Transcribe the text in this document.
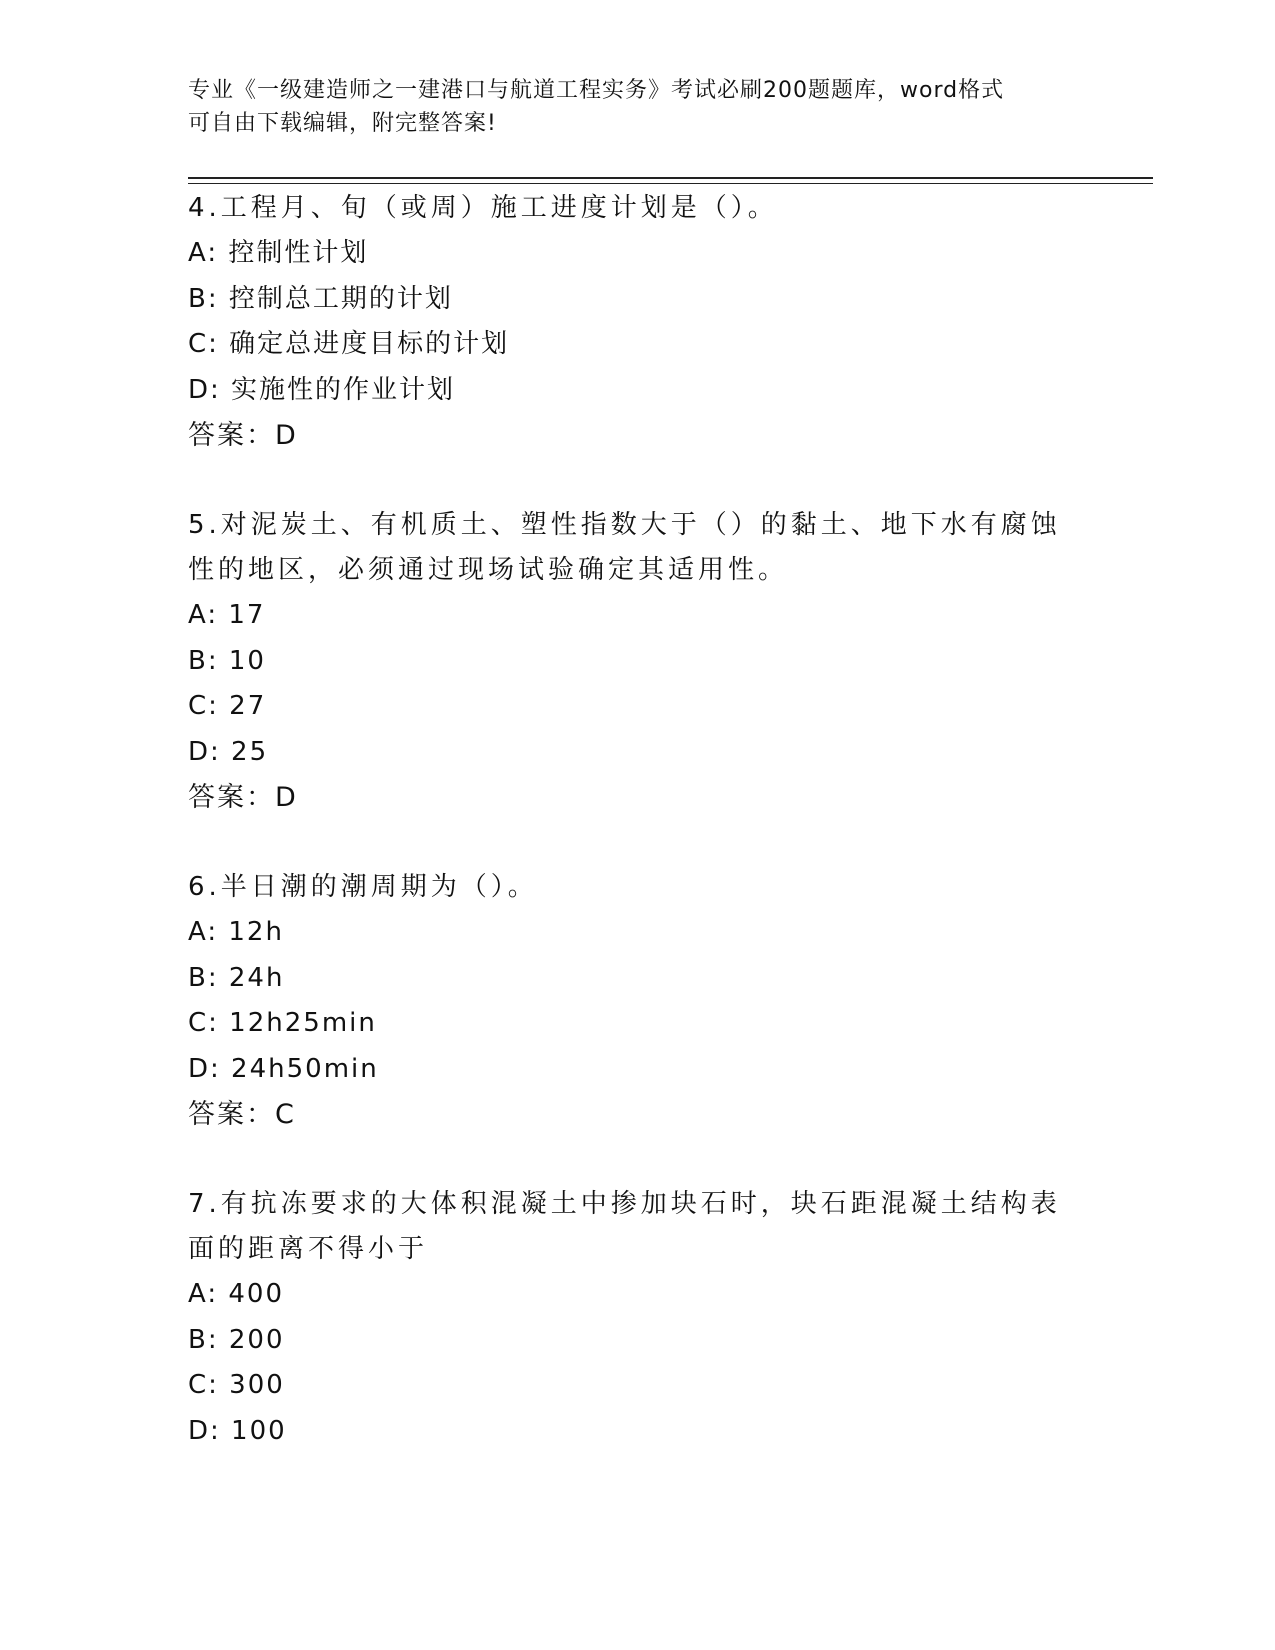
专业《一级建造师之一建港口与航道工程实务》考试必刷200题题库，word格式
可自由下载编辑，附完整答案!

4.工程月、旬（或周）施工进度计划是（）。

A: 控制性计划

B: 控制总工期的计划

C: 确定总进度目标的计划

D: 实施性的作业计划

答案：D

5.对泥炭土、有机质土、塑性指数大于（）的黏土、地下水有腐蚀性的地区，必须通过现场试验确定其适用性。

A: 17

B: 10

C: 27

D: 25

答案：D

6.半日潮的潮周期为（）。

A: 12h

B: 24h

C: 12h25min

D: 24h50min

答案：C

7.有抗冻要求的大体积混凝土中掺加块石时，块石距混凝土结构表面的距离不得小于

A: 400

B: 200

C: 300

D: 100
